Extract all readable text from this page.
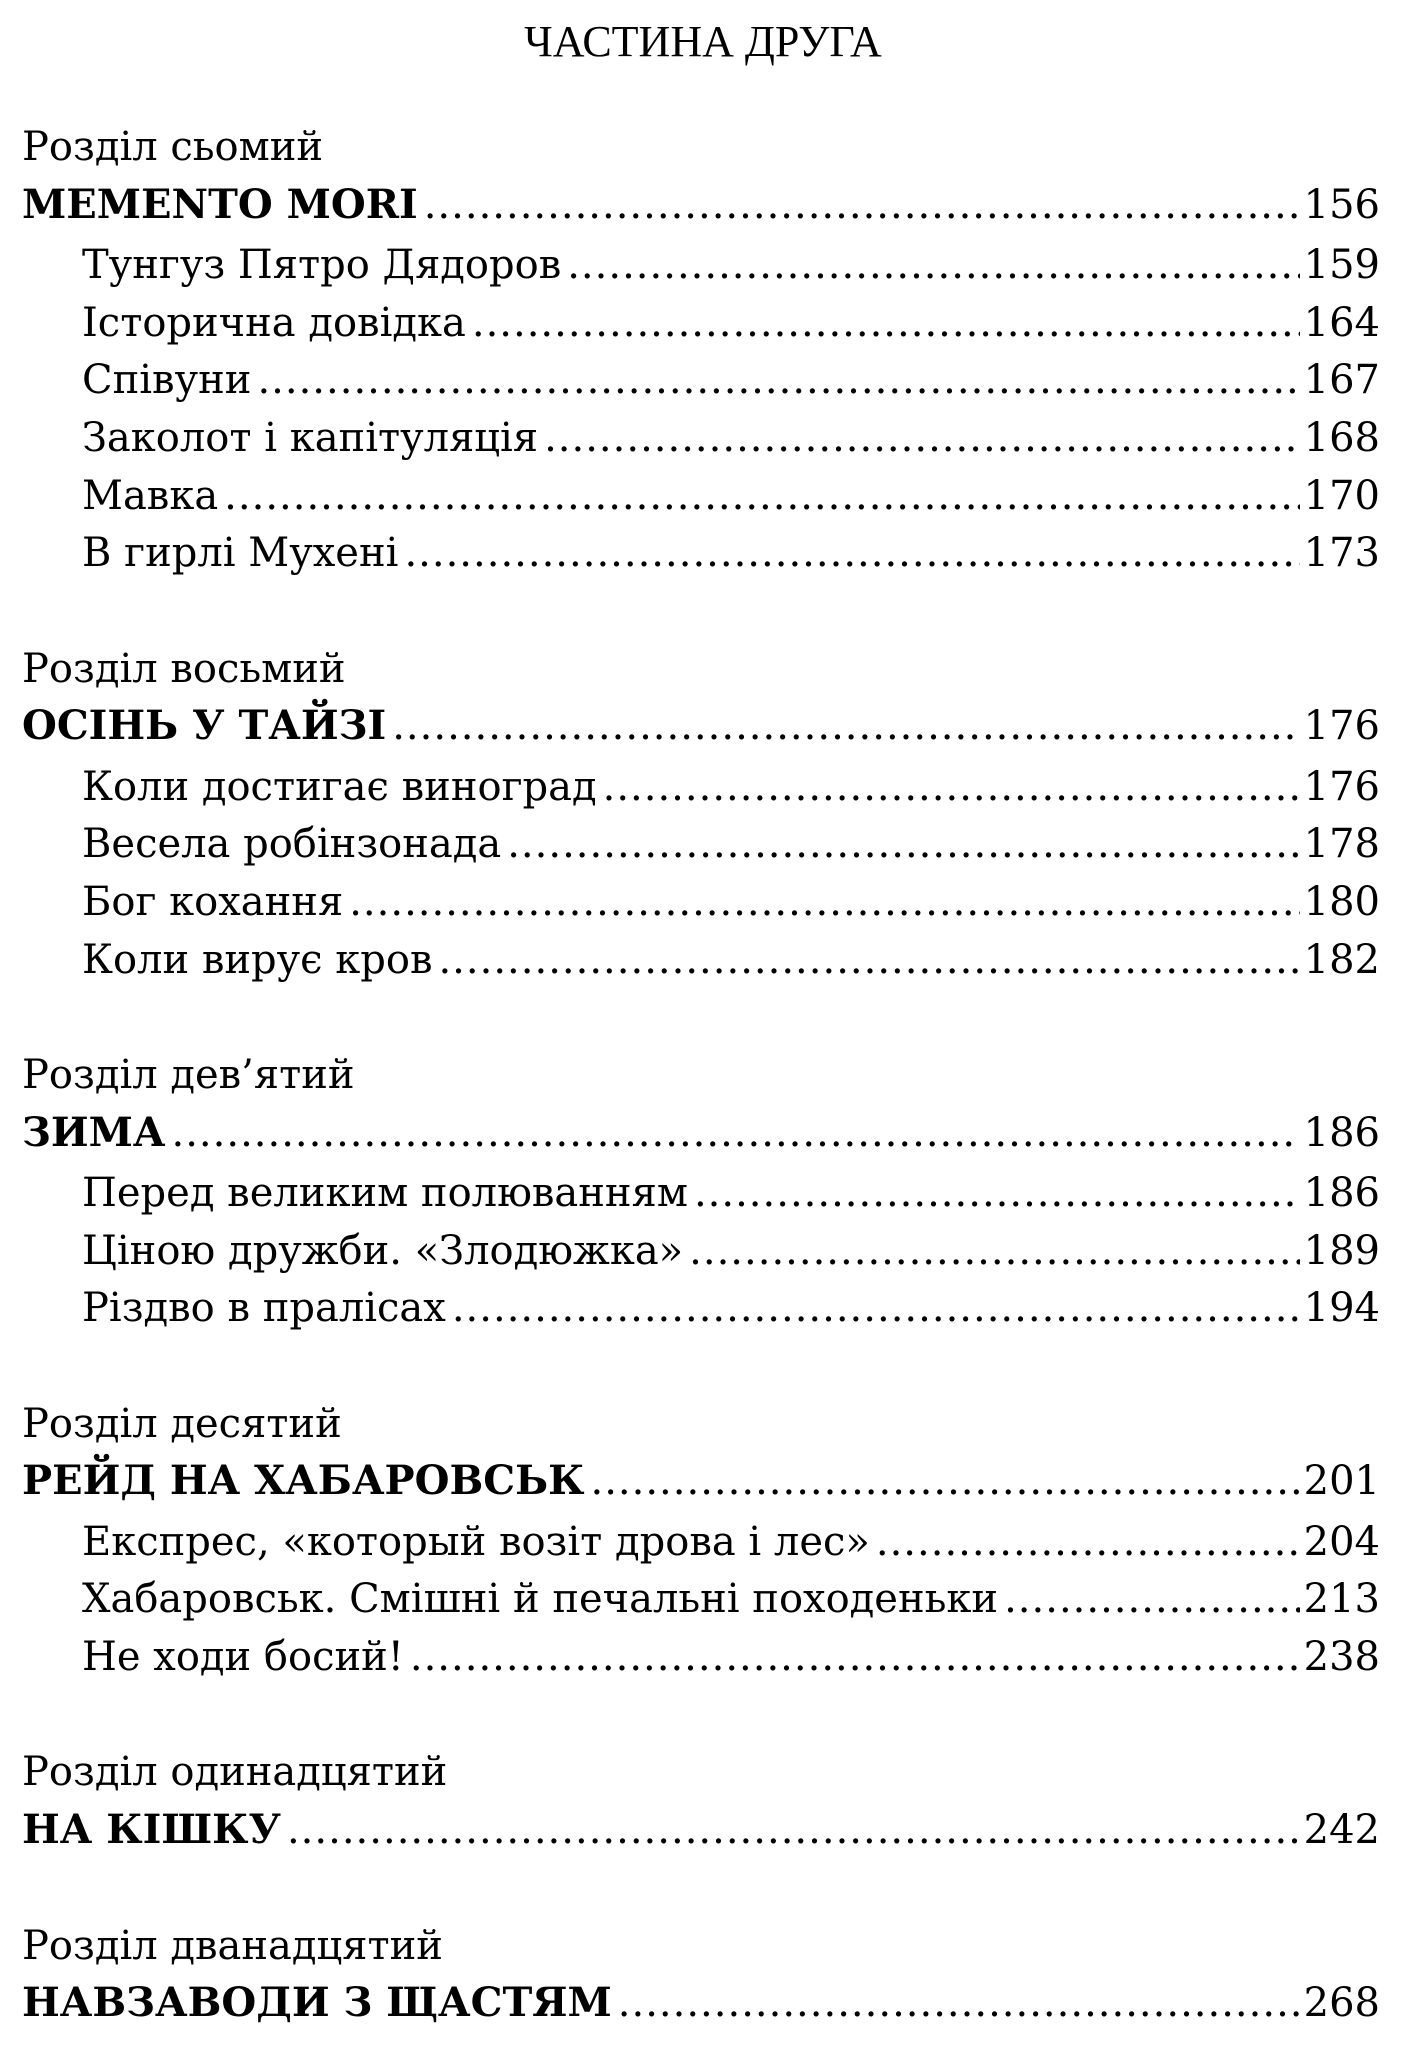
ЧАСТИНА ДРУГА
Розділ сьомий
MEMENTO MORI .....	156
Тунгуз Пятро Дядоров .....	159
Історична довідка .....	164
Співуни .....	167
Заколот і капітуляція .....	168
Мавка .....	170
В гирлі Мухені .....	173
Розділ восьмий
ОСІНЬ У ТАЙЗІ .....	176
Коли достигає виноград .....	176
Весела робінзонада .....	178
Бог кохання .....	180
Коли вирує кров .....	182
Розділ дев’ятий
ЗИМА .....	186
Перед великим полюванням .....	186
Ціною дружби. «Злодюжка» .....	189
Різдво в пралісах .....	194
Розділ десятий
РЕЙД НА ХАБАРОВСЬК .....	201
Експрес, «который возіт дрова і лес» .....	204
Хабаровськ. Смішні й печальні походеньки .....	213
Не ходи босий! .....	238
Розділ одинадцятий
НА КІШКУ .....	242
Розділ дванадцятий
НАВЗАВОДИ З ЩАСТЯМ .....	268
